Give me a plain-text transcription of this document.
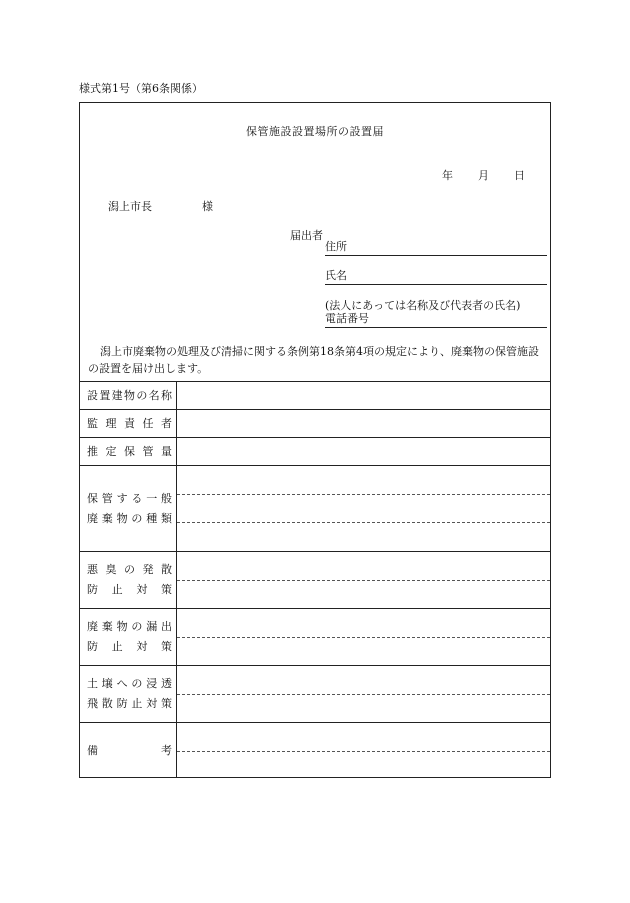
様式第1号（第6条関係）
保管施設設置場所の設置届
年 月 日
潟上市長	様
届出者
住所
氏名
(法人にあっては名称及び代表者の氏名)
電話番号
潟上市廃棄物の処理及び清掃に関する条例第18条第4項の規定により、廃棄物の保管施設の設置を届け出します。
設置建物の名称
監 理 責 任 者
推 定 保 管 量
保管する一般
廃棄物の種類
悪臭の発散
防止対策
廃棄物の漏出
防止対策
土壌への浸透
飛散防止対策
備考
